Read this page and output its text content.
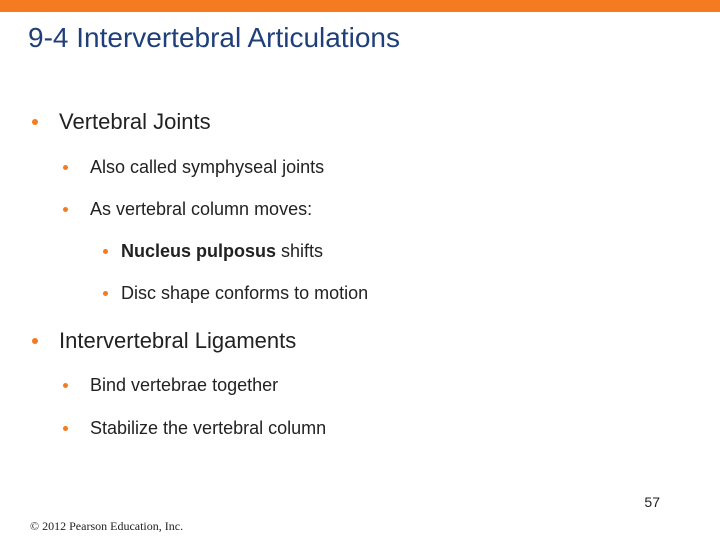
9-4 Intervertebral Articulations
Vertebral Joints
Also called symphyseal joints
As vertebral column moves:
Nucleus pulposus shifts
Disc shape conforms to motion
Intervertebral Ligaments
Bind vertebrae together
Stabilize the vertebral column
57
© 2012 Pearson Education, Inc.
